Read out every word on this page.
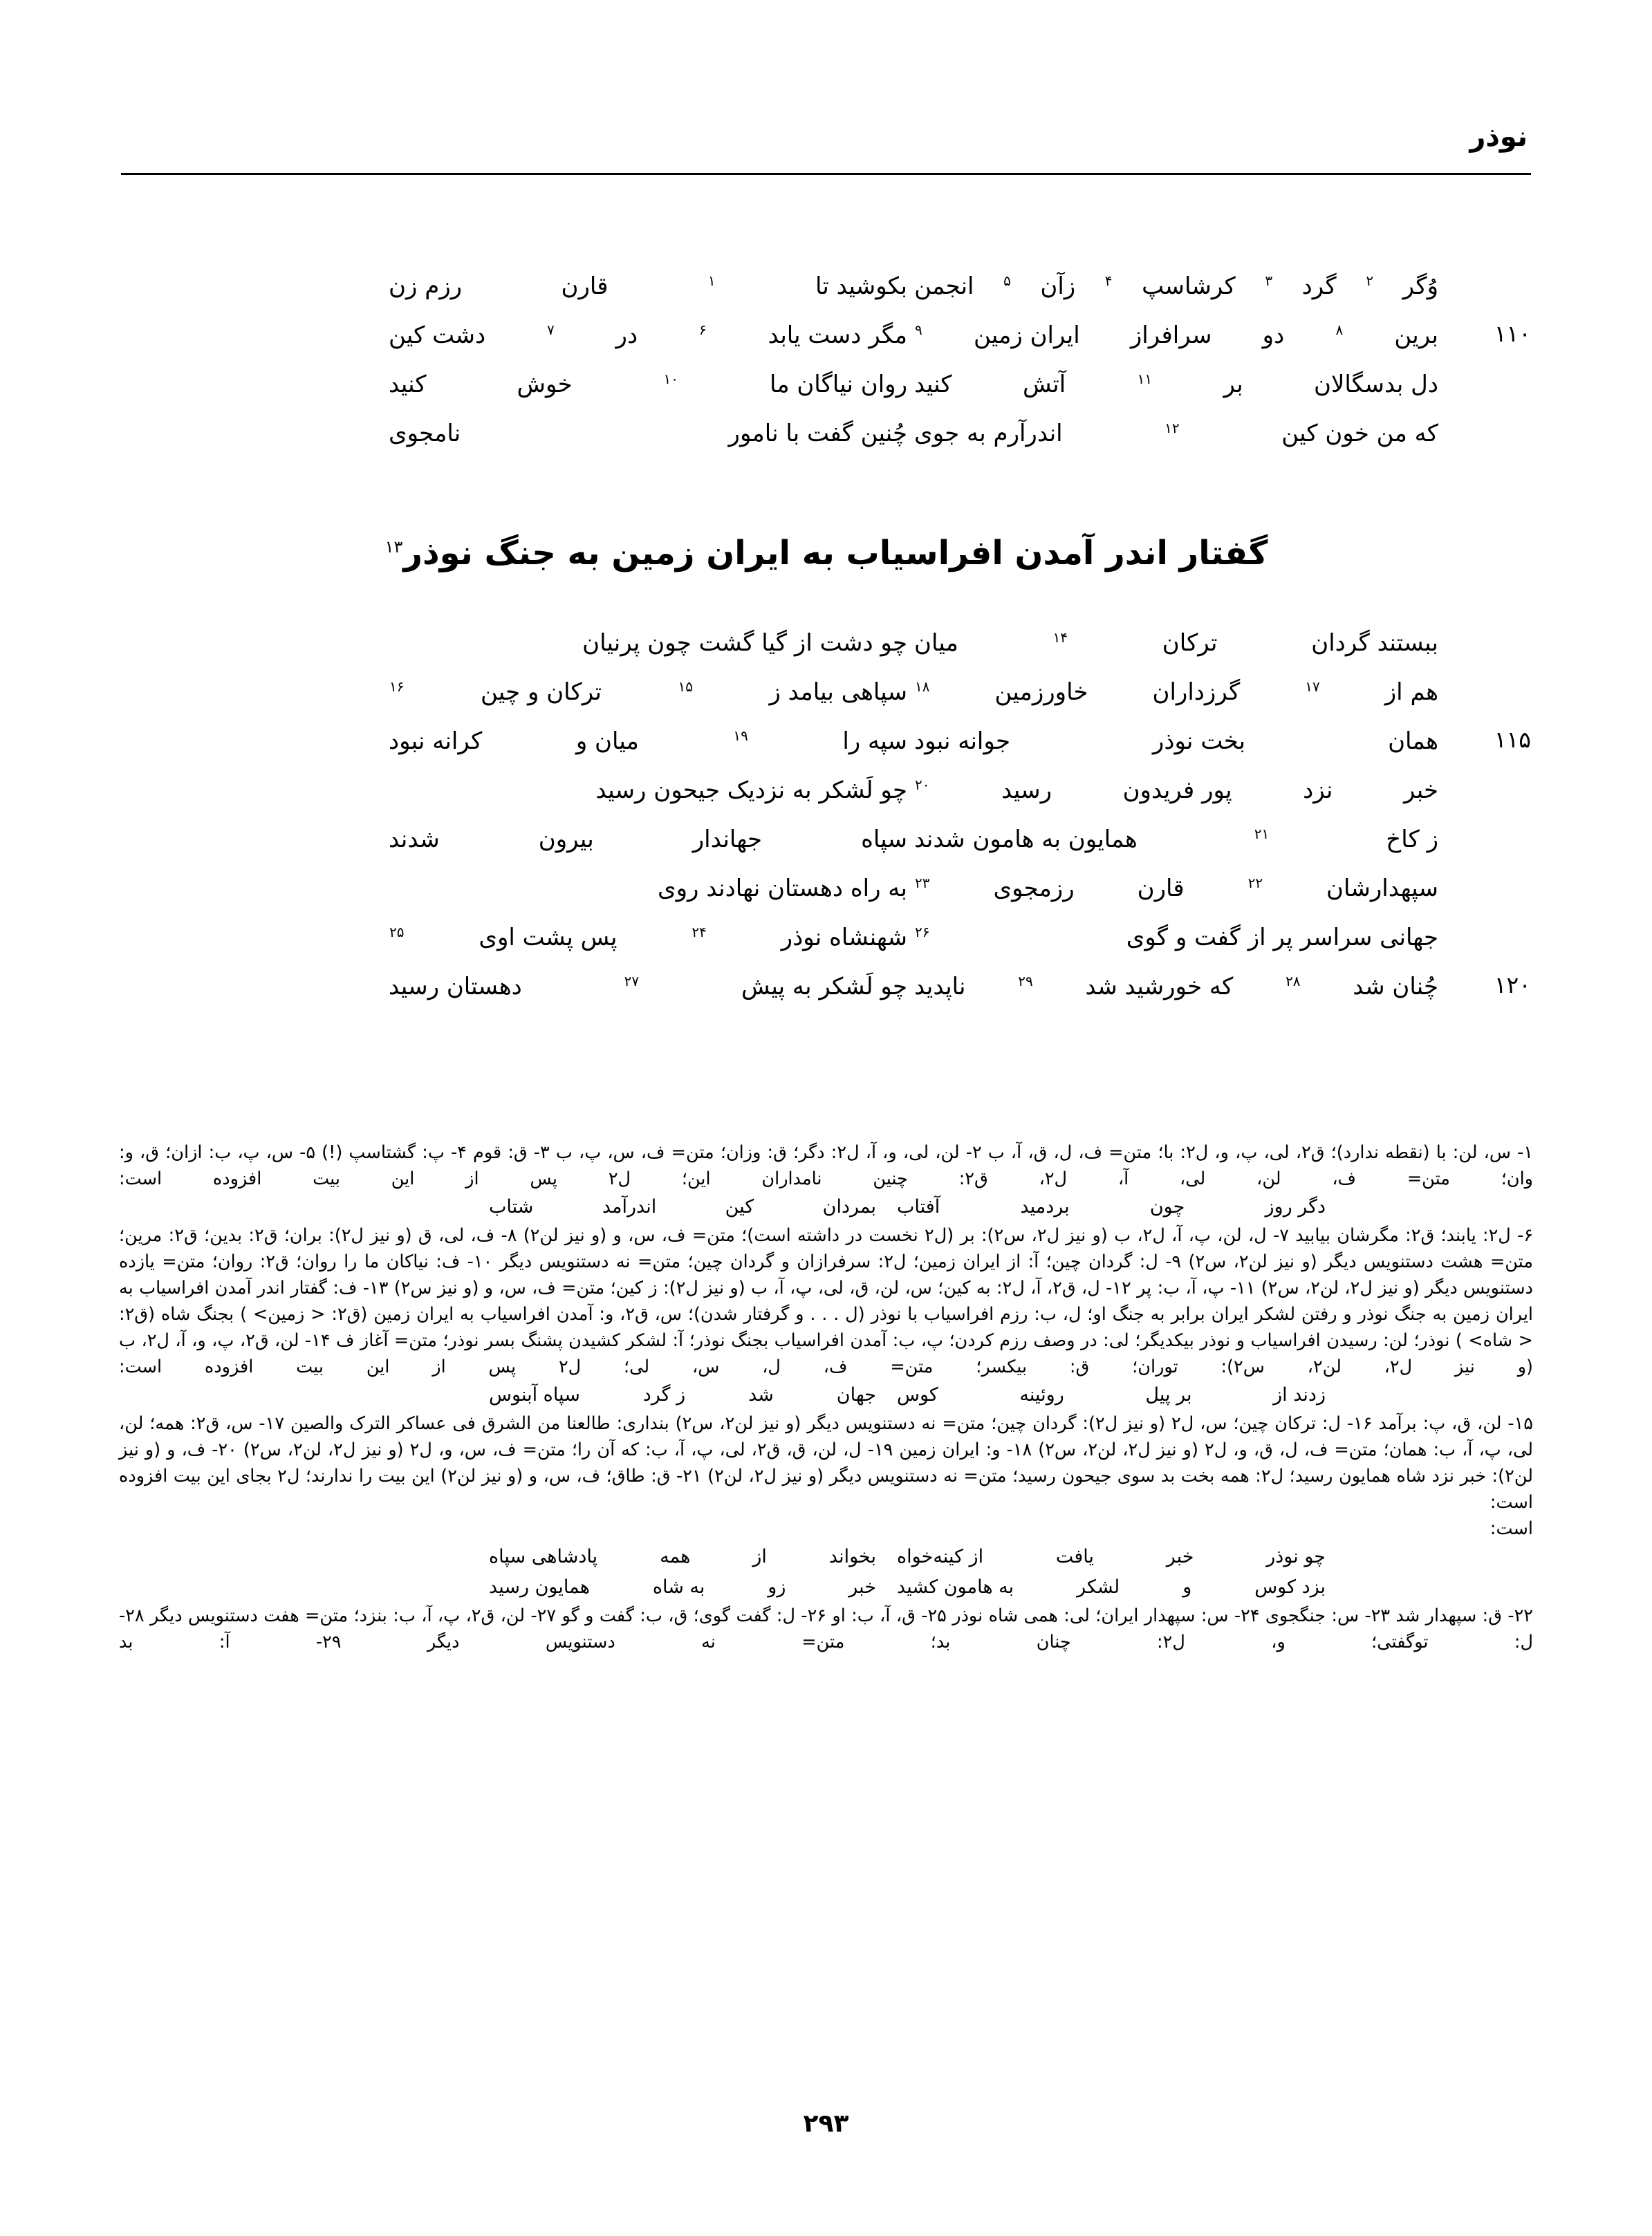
نوذر
وُگر
۲
گرد
۳
کرشاسپ
۴
زآن
۵
انجمن
بکوشید تا
۱
قارن
رزم زن
۱۱۰
برین
۸
دو
سرافراز
ایران زمین
۹
مگر دست یابد
۶
در
۷
دشت کین
دل بدسگالان
بر
۱۱
آتش
کنید
روان نیاگان ما
۱۰
خوش
کنید
که من خون کین
۱۲
اندرآرم به جوی
چُنین گفت با نامور
نامجوی
گفتار اندر آمدن افراسیاب به ایران زمین به جنگ نوذر$^{۱۳}$
ببستند گردان
ترکان
۱۴
میان
چو دشت از گیا گشت چون پرنیان
هم از
۱۷
گرزداران
خاورزمین
۱۸
سپاهی بیامد ز
۱۵
ترکان و چین
۱۶
۱۱۵
همان
بخت نوذر
جوانه نبود
سپه را
۱۹
میان و
کرانه نبود
خبر
نزد
پور فریدون
رسید
۲۰
چو لَشکر به نزدیک جیحون رسید
ز کاخ
۲۱
همایون به هامون شدند
سپاه
جهاندار
بیرون
شدند
سپهدارشان
۲۲
قارن
رزمجوی
۲۳
به راه دهستان نهادند روی
جهانی سراسر پر از گفت و گوی
۲۶
شهنشاه نوذر
۲۴
پس پشت اوی
۲۵
۱۲۰
چُنان شد
۲۸
که خورشید شد
۲۹
ناپدید
چو لَشکر به پیش
۲۷
دهستان رسید

۱- س، لن: با (نقطه ندارد)؛ ق۲، لی، پ، و، ل۲: با؛ متن= ف، ل، ق، آ، ب ۲- لن، لی، و، آ، ل۲: دگر؛ ق: وزان؛ متن= ف، س، پ، ب ۳- ق: قوم ۴- پ: گشتاسپ (!) ۵- س، پ، ب: ازان؛ ق، و: وان؛ متن= ف، لن، لی، آ، ل۲، ق۲: چنین نامداران این؛ ل۲ پس از این بیت افزوده است:

دگر روز
چون
بردمید
آفتاب
بمردان
کین
اندرآمد
شتاب

۶- ل۲: یابند؛ ق۲: مگرشان بیابید ۷- ل، لن، پ، آ، ل۲، ب (و نیز ل۲، س۲): بر (ل۲ نخست در داشته است)؛ متن= ف، س، و (و نیز لن۲) ۸- ف، لی، ق (و نیز ل۲): بران؛ ق۲: بدین؛ ق۲: مرین؛ متن= هشت دستنویس دیگر (و نیز لن۲، س۲) ۹- ل: گردان چین؛ آ: از ایران زمین؛ ل۲: سرفرازان و گردان چین؛ متن= نه دستنویس دیگر ۱۰- ف: نیاکان ما را روان؛ ق۲: روان؛ متن= یازده دستنویس دیگر (و نیز ل۲، لن۲، س۲) ۱۱- پ، آ، ب: پر ۱۲- ل، ق۲، آ، ل۲: به کین؛ س، لن، ق، لی، پ، آ، ب (و نیز ل۲): ز کین؛ متن= ف، س، و (و نیز س۲) ۱۳- ف: گفتار اندر آمدن افراسیاب به ایران زمین به جنگ نوذر و رفتن لشکر ایران برابر به جنگ او؛ ل، ب: رزم افراسیاب با نوذر (ل . . . و گرفتار شدن)؛ س، ق۲، و: آمدن افراسیاب به ایران زمین (ق۲: < زمین> ) بجنگ شاه (ق۲: < شاه> ) نوذر؛ لن: رسیدن افراسیاب و نوذر بیکدیگر؛ لی: در وصف رزم کردن؛ پ، ب: آمدن افراسیاب بجنگ نوذر؛ آ: لشکر کشیدن پشنگ بسر نوذر؛ متن= آغاز ف ۱۴- لن، ق۲، پ، و، آ، ل۲، ب (و نیز ل۲، لن۲، س۲): توران؛ ق: بیکسر؛ متن= ف، ل، س، لی؛ ل۲ پس از این بیت افزوده است:

زدند از
بر پیل
روئینه
کوس
جهان
شد
ز گرد
سپاه آبنوس

۱۵- لن، ق، پ: برآمد ۱۶- ل: ترکان چین؛ س، ل۲ (و نیز ل۲): گردان چین؛ متن= نه دستنویس دیگر (و نیز لن۲، س۲) بنداری: طالعنا من الشرق فی عساکر الترک والصین ۱۷- س، ق۲: همه؛ لن، لی، پ، آ، ب: همان؛ متن= ف، ل، ق، و، ل۲ (و نیز ل۲، لن۲، س۲) ۱۸- و: ایران زمین ۱۹- ل، لن، ق، ق۲، لی، پ، آ، ب: که آن را؛ متن= ف، س، و، ل۲ (و نیز ل۲، لن۲، س۲) ۲۰- ف، و (و نیز لن۲): خبر نزد شاه همایون رسید؛ ل۲: همه بخت بد سوی جیحون رسید؛ متن= نه دستنویس دیگر (و نیز ل۲، لن۲) ۲۱- ق: طاق؛ ف، س، و (و نیز لن۲) این بیت را ندارند؛ ل۲ بجای این بیت افزوده است:

است:

چو نوذر
خبر
یافت
از کینه‌خواه
بخواند
از
همه
پادشاهی سپاه
بزد کوس
و
لشکر
به هامون کشید
خبر
زو
به شاه
همایون رسید

۲۲- ق: سپهدار شد ۲۳- س: جنگجوی ۲۴- س: سپهدار ایران؛ لی: همی شاه نوذر ۲۵- ق، آ، ب: او ۲۶- ل: گفت گوی؛ ق، ب: گفت و گو ۲۷- لن، ق۲، پ، آ، ب: بنزد؛ متن= هفت دستنویس دیگر ۲۸- ل: توگفتی؛ و، ل۲: چنان بد؛ متن= نه دستنویس دیگر ۲۹- آ: بد

۲۹۳
